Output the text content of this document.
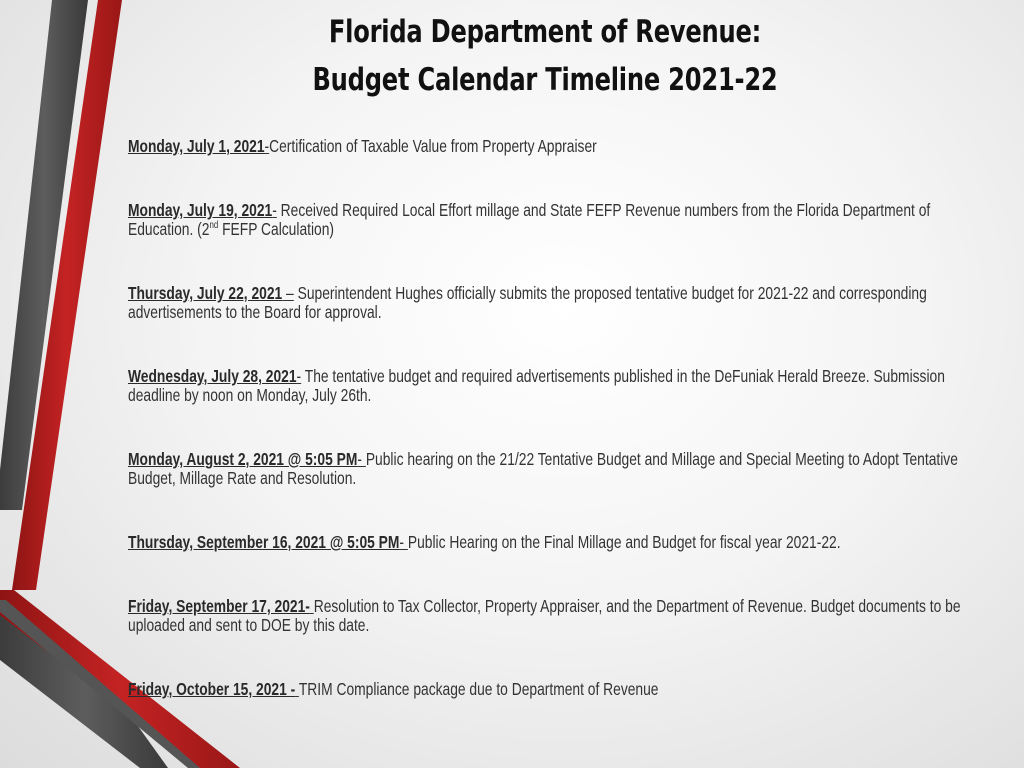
Florida Department of Revenue:
Budget Calendar Timeline 2021-22
Monday, July 1, 2021-Certification of Taxable Value from Property Appraiser
Monday, July 19, 2021- Received Required Local Effort millage and State FEFP Revenue numbers from the Florida Department of Education. (2nd FEFP Calculation)
Thursday, July 22, 2021 – Superintendent Hughes officially submits the proposed tentative budget for 2021-22 and corresponding advertisements to the Board for approval.
Wednesday, July 28, 2021- The tentative budget and required advertisements published in the DeFuniak Herald Breeze. Submission deadline by noon on Monday, July 26th.
Monday, August 2, 2021 @ 5:05 PM- Public hearing on the 21/22 Tentative Budget and Millage and Special Meeting to Adopt Tentative Budget, Millage Rate and Resolution.
Thursday, September 16, 2021 @ 5:05 PM- Public Hearing on the Final Millage and Budget for fiscal year 2021-22.
Friday, September 17, 2021- Resolution to Tax Collector, Property Appraiser, and the Department of Revenue. Budget documents to be uploaded and sent to DOE by this date.
Friday, October 15, 2021 - TRIM Compliance package due to Department of Revenue
